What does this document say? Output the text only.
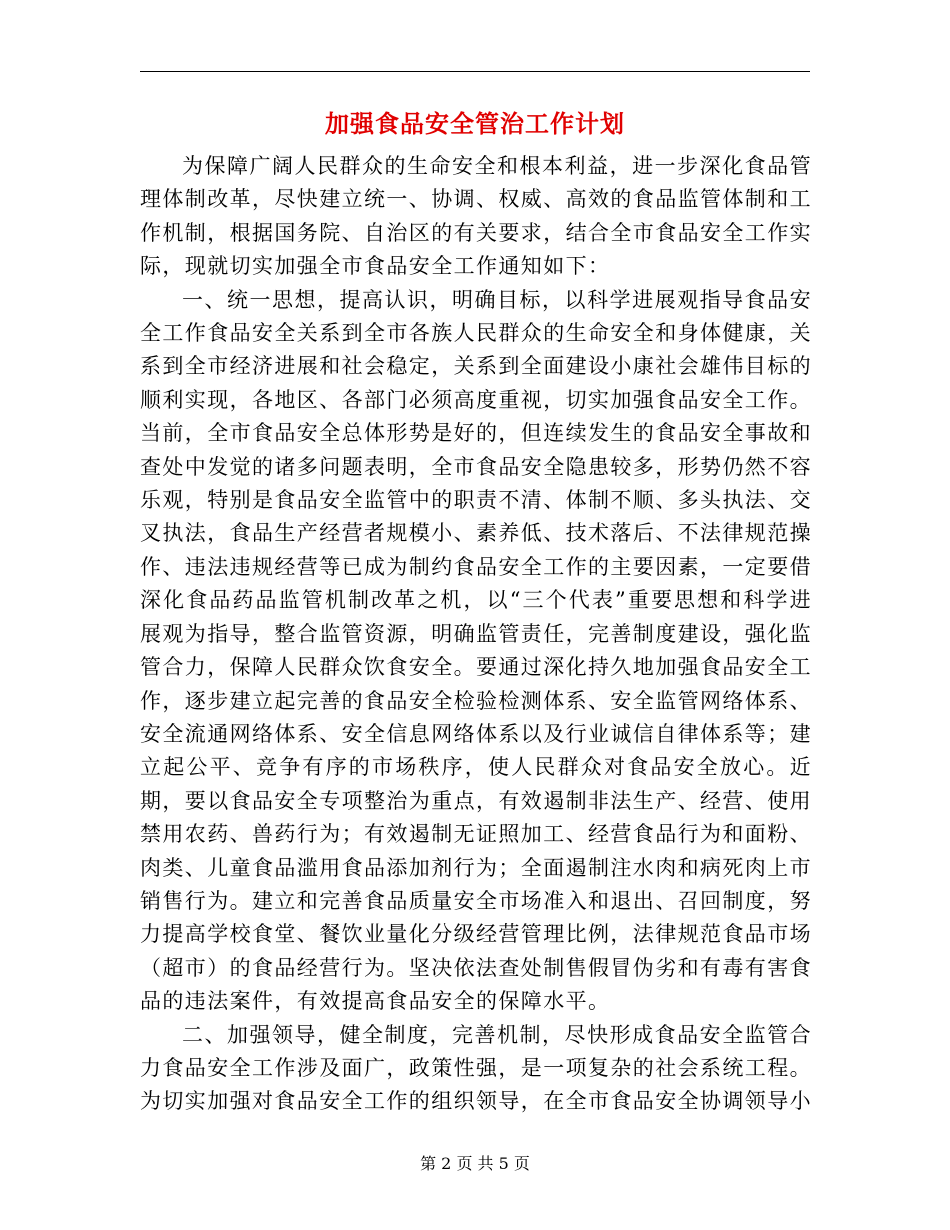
加强食品安全管治工作计划

为保障广阔人民群众的生命安全和根本利益，进一步深化食品管理体制改革，尽快建立统一、协调、权威、高效的食品监管体制和工作机制，根据国务院、自治区的有关要求，结合全市食品安全工作实际，现就切实加强全市食品安全工作通知如下：

一、统一思想，提高认识，明确目标，以科学进展观指导食品安全工作食品安全关系到全市各族人民群众的生命安全和身体健康，关系到全市经济进展和社会稳定，关系到全面建设小康社会雄伟目标的顺利实现，各地区、各部门必须高度重视，切实加强食品安全工作。当前，全市食品安全总体形势是好的，但连续发生的食品安全事故和查处中发觉的诸多问题表明，全市食品安全隐患较多，形势仍然不容乐观，特别是食品安全监管中的职责不清、体制不顺、多头执法、交叉执法，食品生产经营者规模小、素养低、技术落后、不法律规范操作、违法违规经营等已成为制约食品安全工作的主要因素，一定要借深化食品药品监管机制改革之机，以“三个代表”重要思想和科学进展观为指导，整合监管资源，明确监管责任，完善制度建设，强化监管合力，保障人民群众饮食安全。要通过深化持久地加强食品安全工作，逐步建立起完善的食品安全检验检测体系、安全监管网络体系、安全流通网络体系、安全信息网络体系以及行业诚信自律体系等；建立起公平、竞争有序的市场秩序，使人民群众对食品安全放心。近期，要以食品安全专项整治为重点，有效遏制非法生产、经营、使用禁用农药、兽药行为；有效遏制无证照加工、经营食品行为和面粉、肉类、儿童食品滥用食品添加剂行为；全面遏制注水肉和病死肉上市销售行为。建立和完善食品质量安全市场准入和退出、召回制度，努力提高学校食堂、餐饮业量化分级经营管理比例，法律规范食品市场（超市）的食品经营行为。坚决依法查处制售假冒伪劣和有毒有害食品的违法案件，有效提高食品安全的保障水平。

二、加强领导，健全制度，完善机制，尽快形成食品安全监管合力食品安全工作涉及面广，政策性强，是一项复杂的社会系统工程。为切实加强对食品安全工作的组织领导，在全市食品安全协调领导小

第 2 页 共 5 页
